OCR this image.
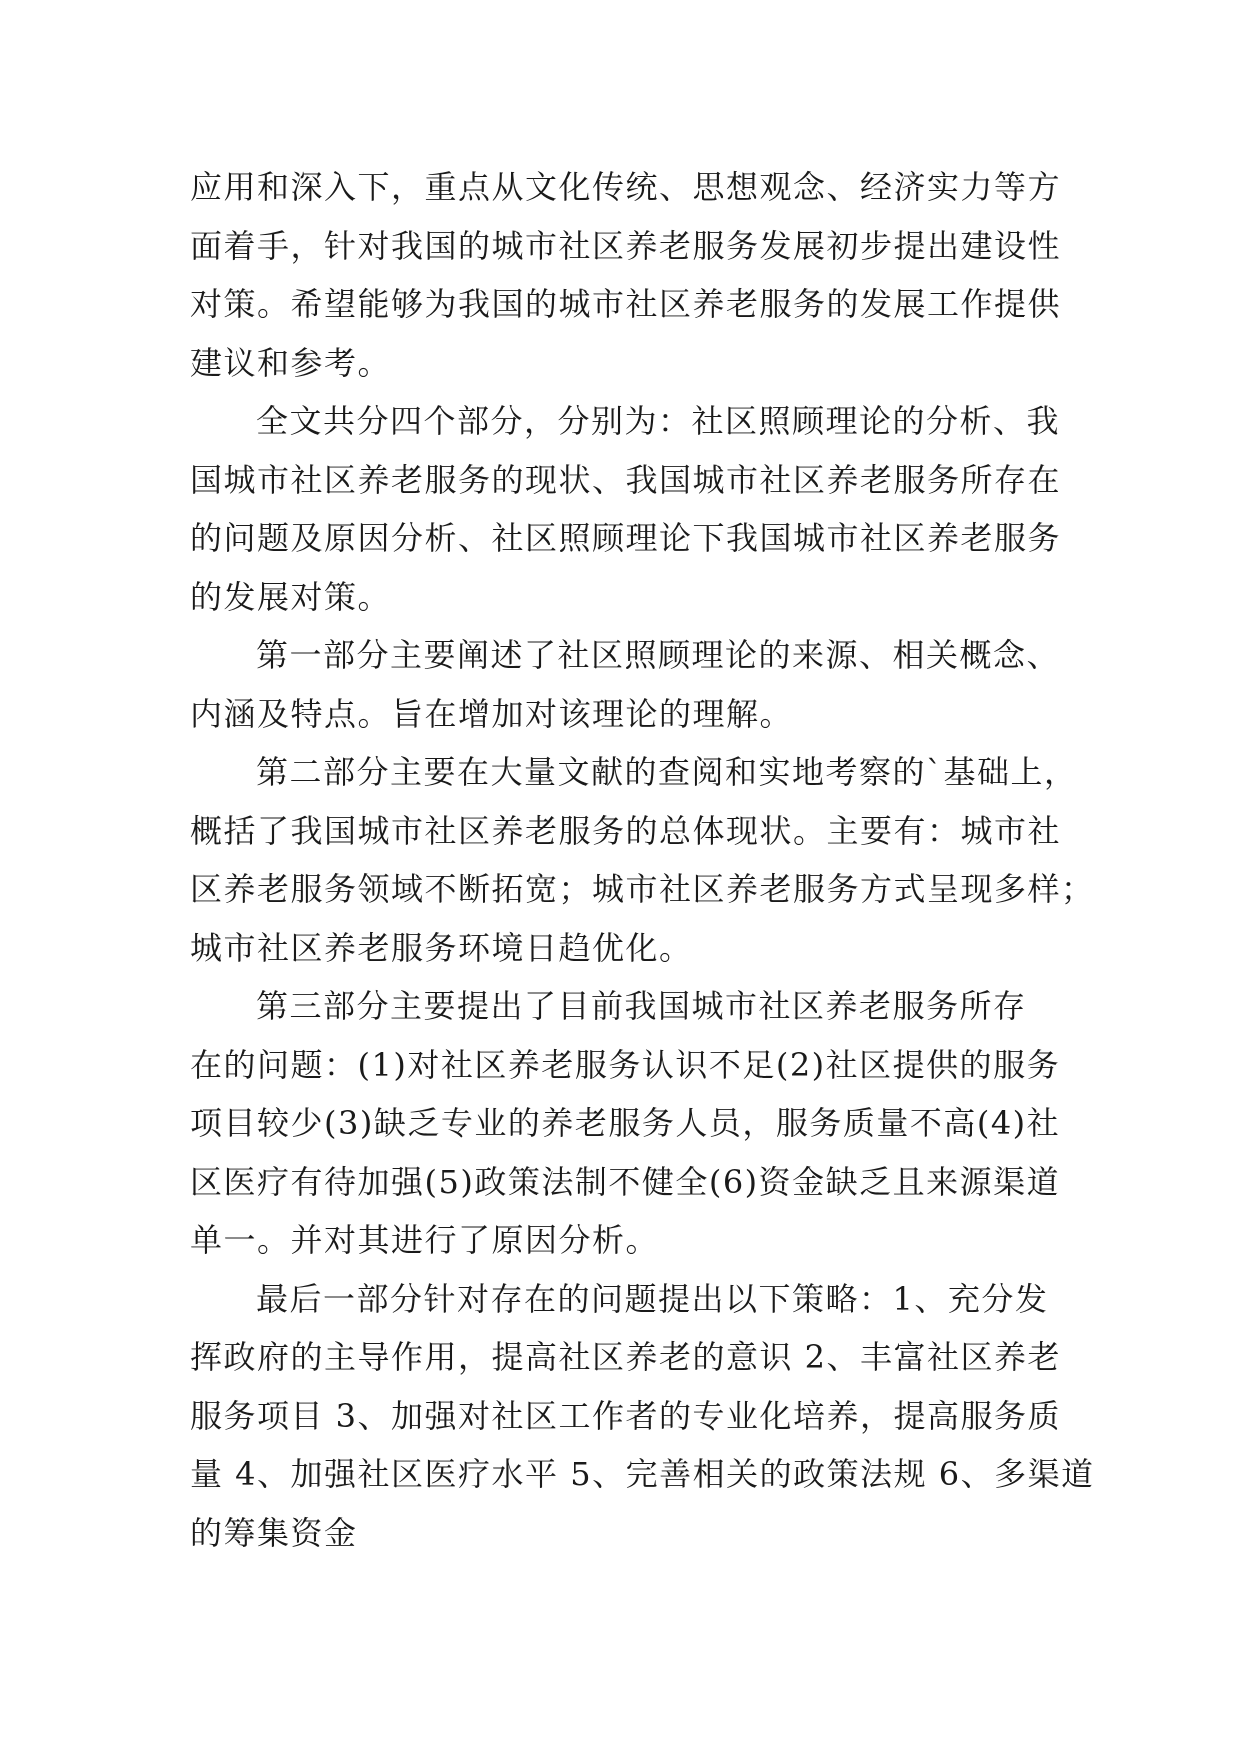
应用和深入下，重点从文化传统、思想观念、经济实力等方
面着手，针对我国的城市社区养老服务发展初步提出建设性
对策。希望能够为我国的城市社区养老服务的发展工作提供
建议和参考。
全文共分四个部分，分别为：社区照顾理论的分析、我
国城市社区养老服务的现状、我国城市社区养老服务所存在
的问题及原因分析、社区照顾理论下我国城市社区养老服务
的发展对策。
第一部分主要阐述了社区照顾理论的来源、相关概念、
内涵及特点。旨在增加对该理论的理解。
第二部分主要在大量文献的查阅和实地考察的`基础上，
概括了我国城市社区养老服务的总体现状。主要有：城市社
区养老服务领域不断拓宽；城市社区养老服务方式呈现多样；
城市社区养老服务环境日趋优化。
第三部分主要提出了目前我国城市社区养老服务所存
在的问题：(1)对社区养老服务认识不足(2)社区提供的服务
项目较少(3)缺乏专业的养老服务人员，服务质量不高(4)社
区医疗有待加强(5)政策法制不健全(6)资金缺乏且来源渠道
单一。并对其进行了原因分析。
最后一部分针对存在的问题提出以下策略：1、充分发
挥政府的主导作用，提高社区养老的意识 2、丰富社区养老
服务项目 3、加强对社区工作者的专业化培养，提高服务质
量 4、加强社区医疗水平 5、完善相关的政策法规 6、多渠道
的筹集资金
